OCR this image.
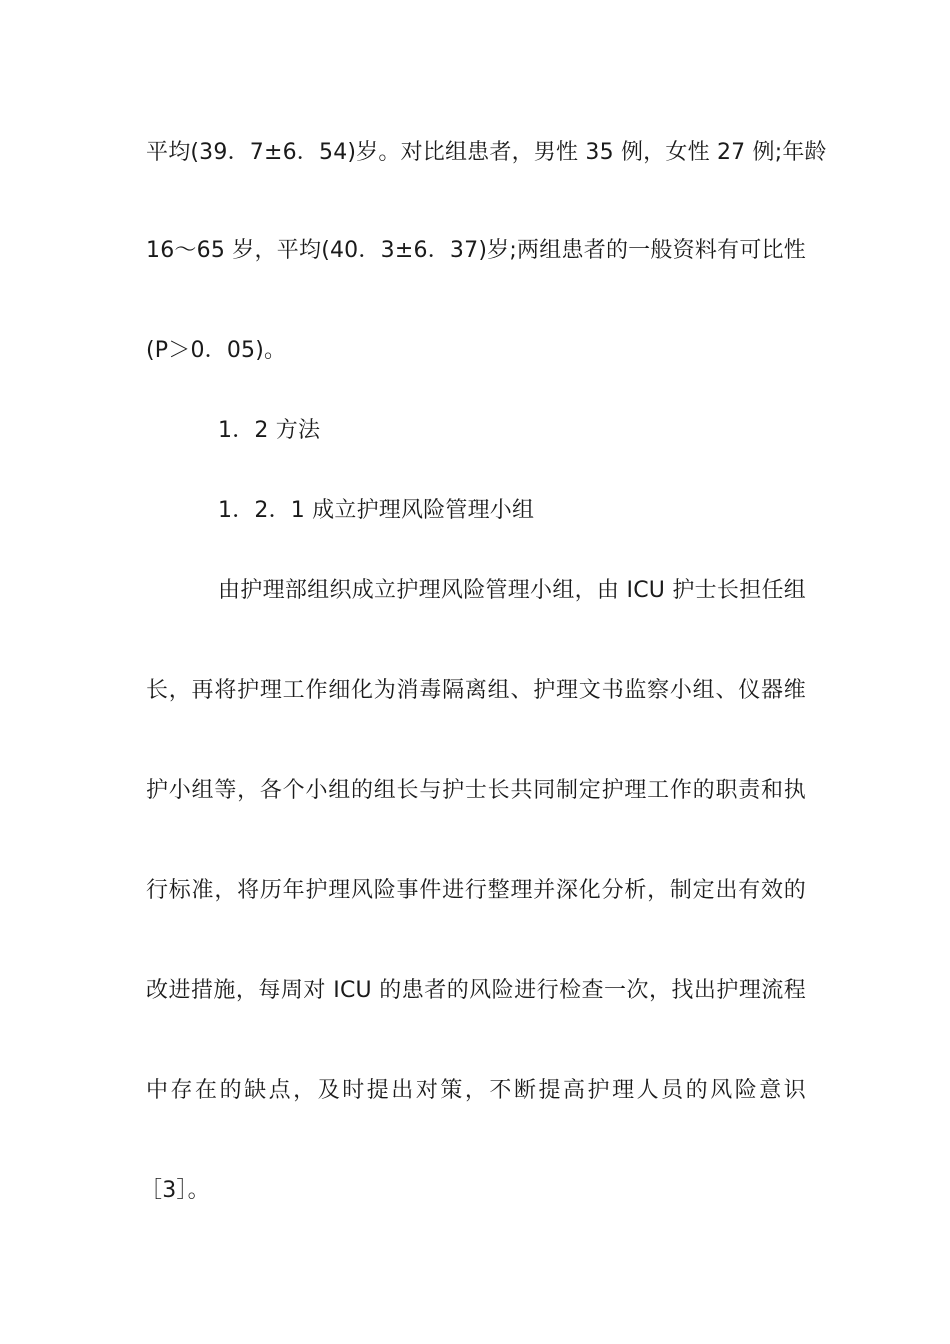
平均(39．7±6．54)岁。对比组患者，男性 35 例，女性 27 例;年龄
16～65 岁，平均(40．3±6．37)岁;两组患者的一般资料有可比性
(P＞0．05)。
1．2 方法
1．2．1 成立护理风险管理小组
由护理部组织成立护理风险管理小组，由 ICU 护士长担任组
长，再将护理工作细化为消毒隔离组、护理文书监察小组、仪器维
护小组等，各个小组的组长与护士长共同制定护理工作的职责和执
行标准，将历年护理风险事件进行整理并深化分析，制定出有效的
改进措施，每周对 ICU 的患者的风险进行检查一次，找出护理流程
中存在的缺点，及时提出对策，不断提高护理人员的风险意识
［3］。
